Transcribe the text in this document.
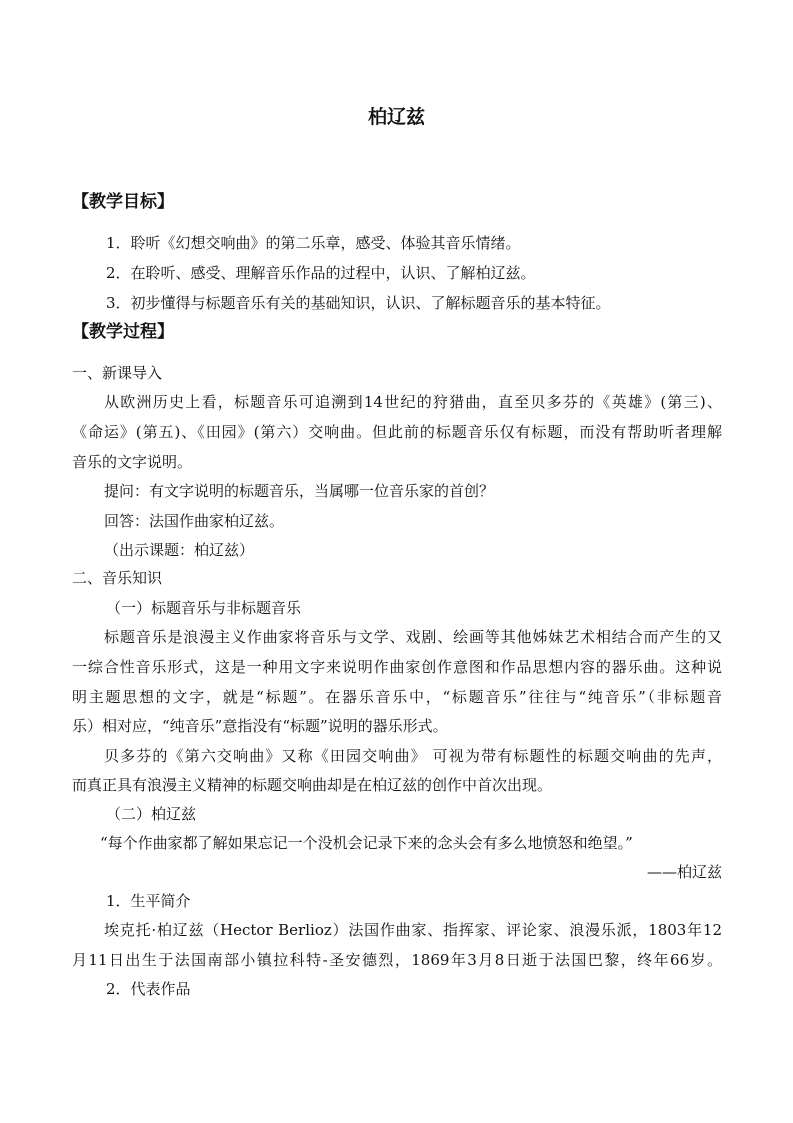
柏辽兹
【教学目标】
1．聆听《幻想交响曲》的第二乐章，感受、体验其音乐情绪。
2．在聆听、感受、理解音乐作品的过程中，认识、了解柏辽兹。
3．初步懂得与标题音乐有关的基础知识，认识、了解标题音乐的基本特征。
【教学过程】
一、新课导入
从欧洲历史上看，标题音乐可追溯到14世纪的狩猎曲，直至贝多芬的《英雄》(第三)、
《命运》(第五)、《田园》(第六）交响曲。但此前的标题音乐仅有标题，而没有帮助听者理解
音乐的文字说明。
提问：有文字说明的标题音乐，当属哪一位音乐家的首创？
回答：法国作曲家柏辽兹。
（出示课题：柏辽兹）
二、音乐知识
（一）标题音乐与非标题音乐
标题音乐是浪漫主义作曲家将音乐与文学、戏剧、绘画等其他姊妹艺术相结合而产生的又
一综合性音乐形式，这是一种用文字来说明作曲家创作意图和作品思想内容的器乐曲。这种说
明主题思想的文字，就是“标题”。在器乐音乐中，“标题音乐”往往与“纯音乐”（非标题音
乐）相对应，“纯音乐”意指没有“标题”说明的器乐形式。
贝多芬的《第六交响曲》又称《田园交响曲》 可视为带有标题性的标题交响曲的先声，
而真正具有浪漫主义精神的标题交响曲却是在柏辽兹的创作中首次出现。
（二）柏辽兹
“每个作曲家都了解如果忘记一个没机会记录下来的念头会有多么地愤怒和绝望。”
——柏辽兹
1．生平简介
埃克托·柏辽兹（Hector Berlioz）法国作曲家、指挥家、评论家、浪漫乐派，1803年12
月11日出生于法国南部小镇拉科特-圣安德烈，1869年3月8日逝于法国巴黎，终年66岁。
2．代表作品
